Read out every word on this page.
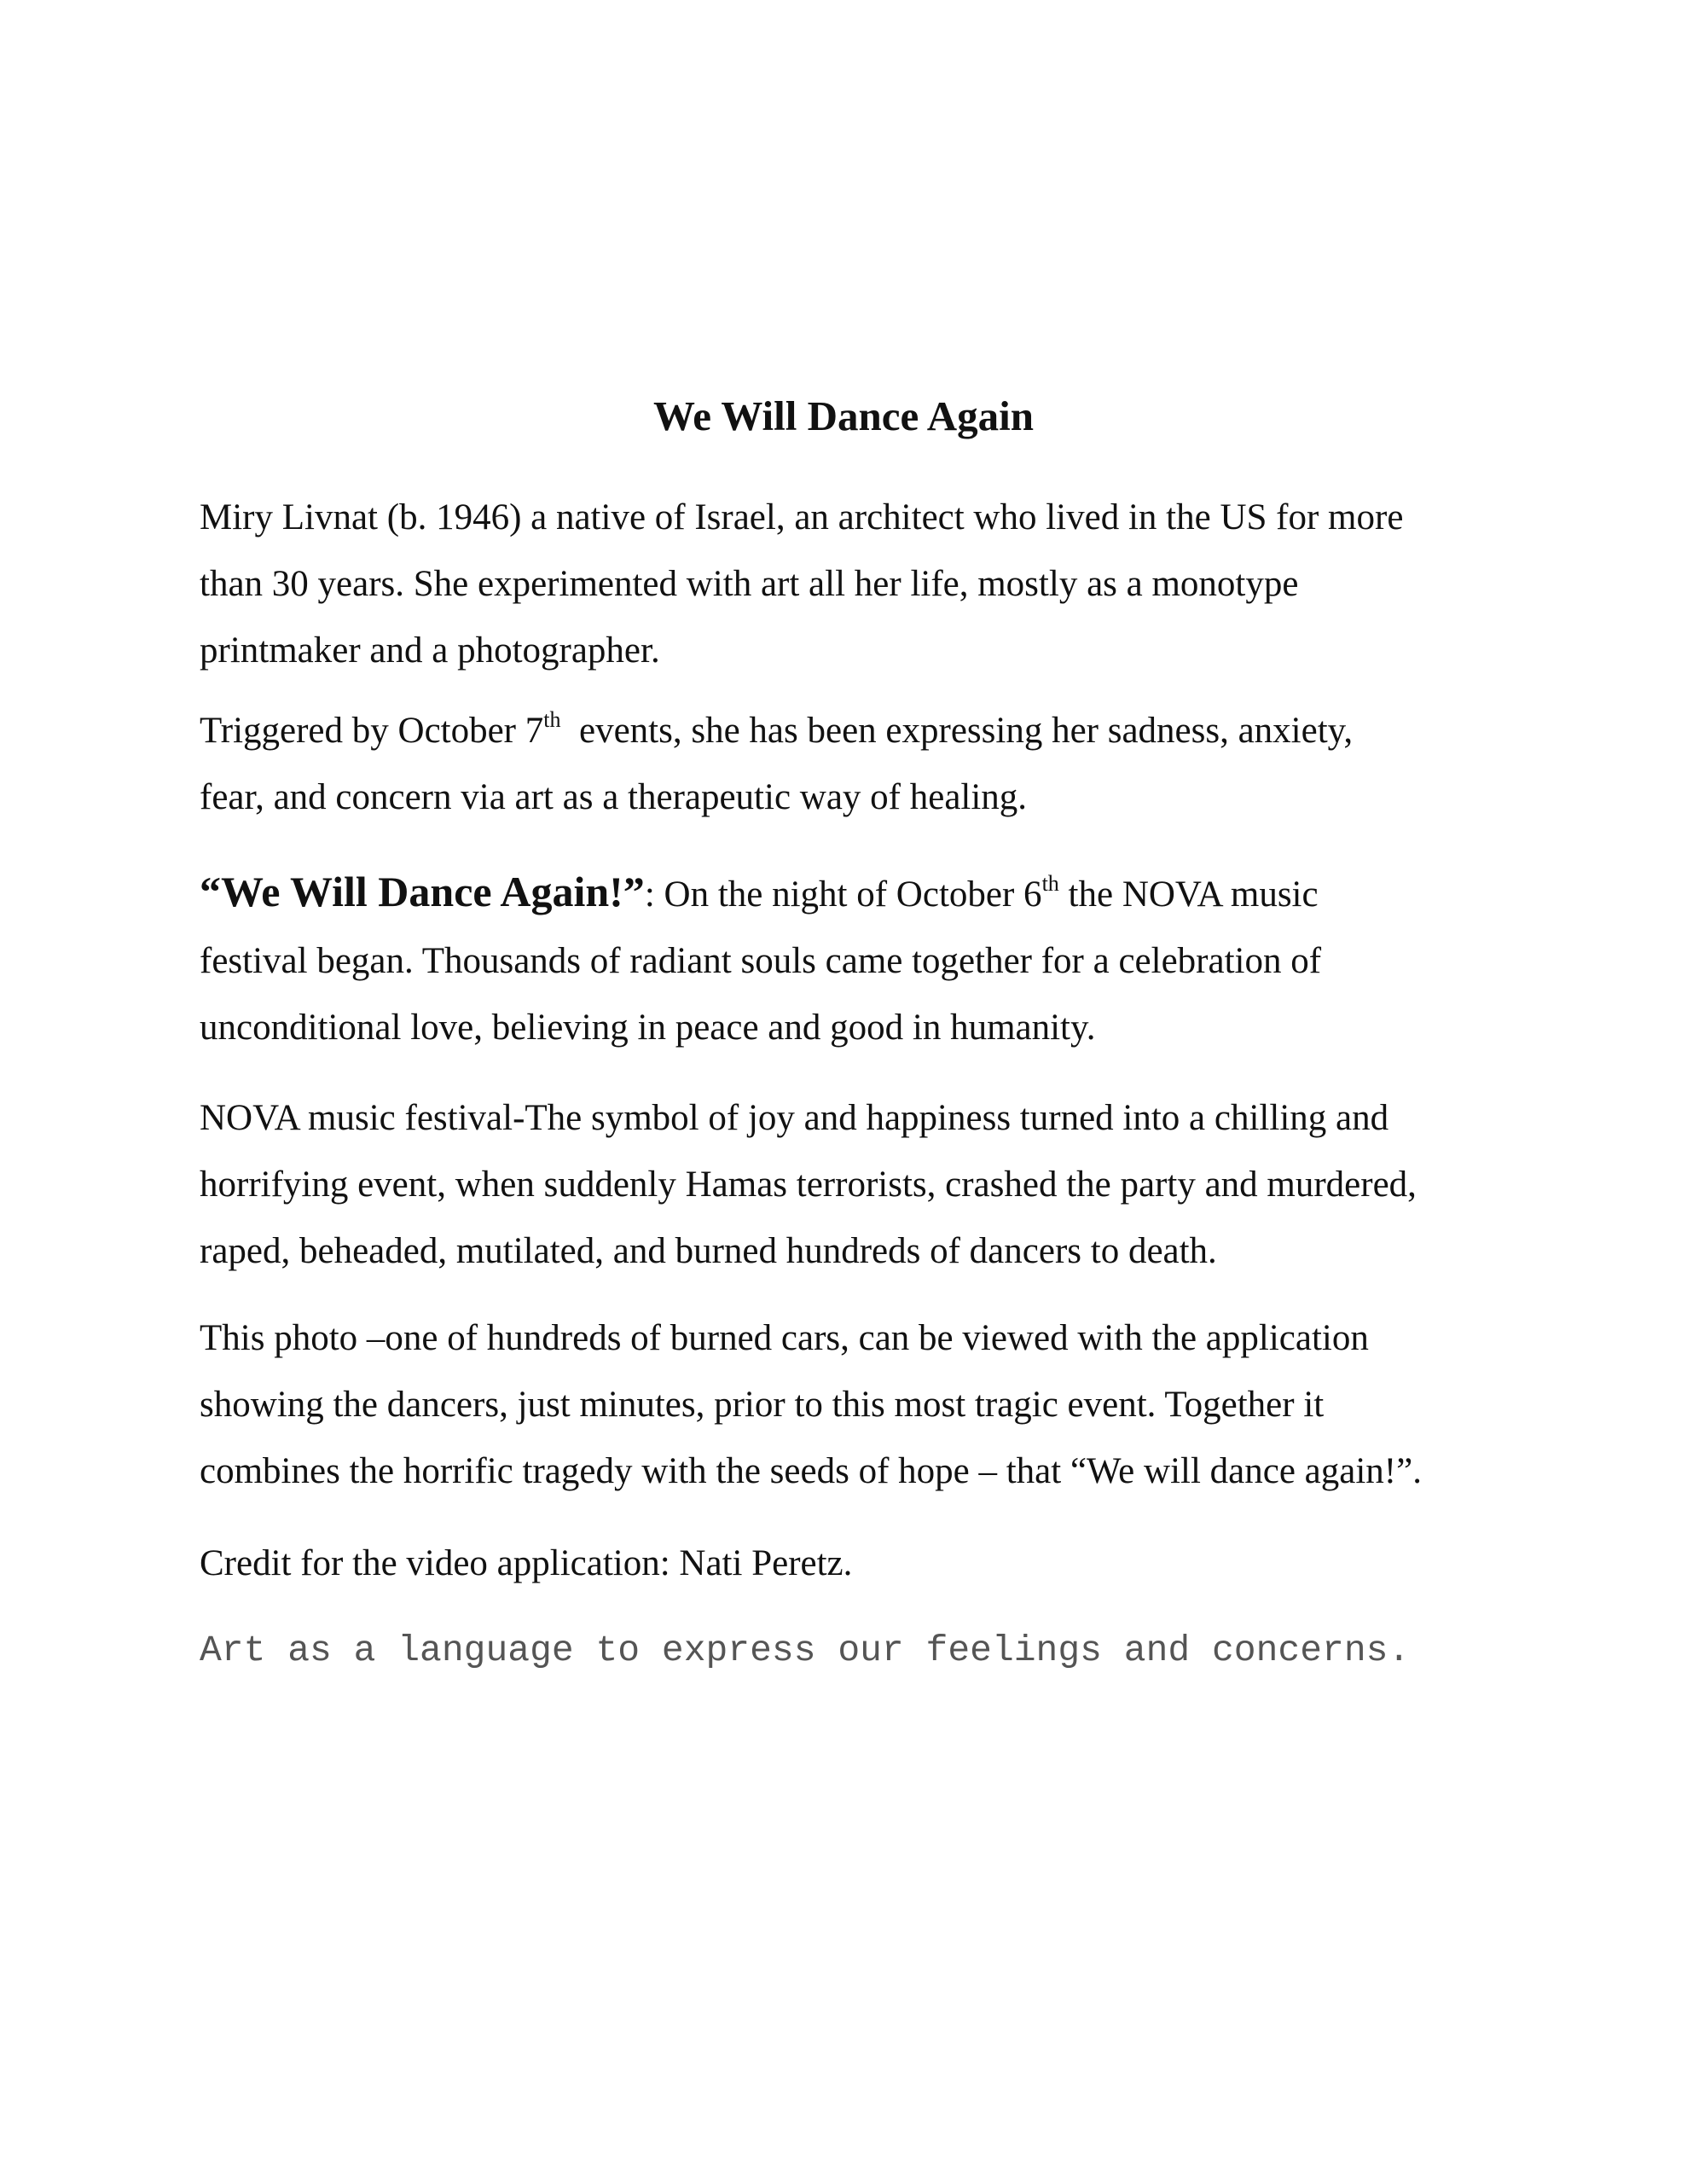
We Will Dance Again

Miry Livnat (b. 1946) a native of Israel, an architect who lived in the US for more
than 30 years. She experimented with art all her life, mostly as a monotype
printmaker and a photographer.

Triggered by October 7th  events, she has been expressing her sadness, anxiety,
fear, and concern via art as a therapeutic way of healing.

“We Will Dance Again!”: On the night of October 6th the NOVA music
festival began. Thousands of radiant souls came together for a celebration of
unconditional love, believing in peace and good in humanity.

NOVA music festival-The symbol of joy and happiness turned into a chilling and
horrifying event, when suddenly Hamas terrorists, crashed the party and murdered,
raped, beheaded, mutilated, and burned hundreds of dancers to death.

This photo –one of hundreds of burned cars, can be viewed with the application
showing the dancers, just minutes, prior to this most tragic event. Together it
combines the horrific tragedy with the seeds of hope – that “We will dance again!”.

Credit for the video application: Nati Peretz.

Art as a language to express our feelings and concerns.
